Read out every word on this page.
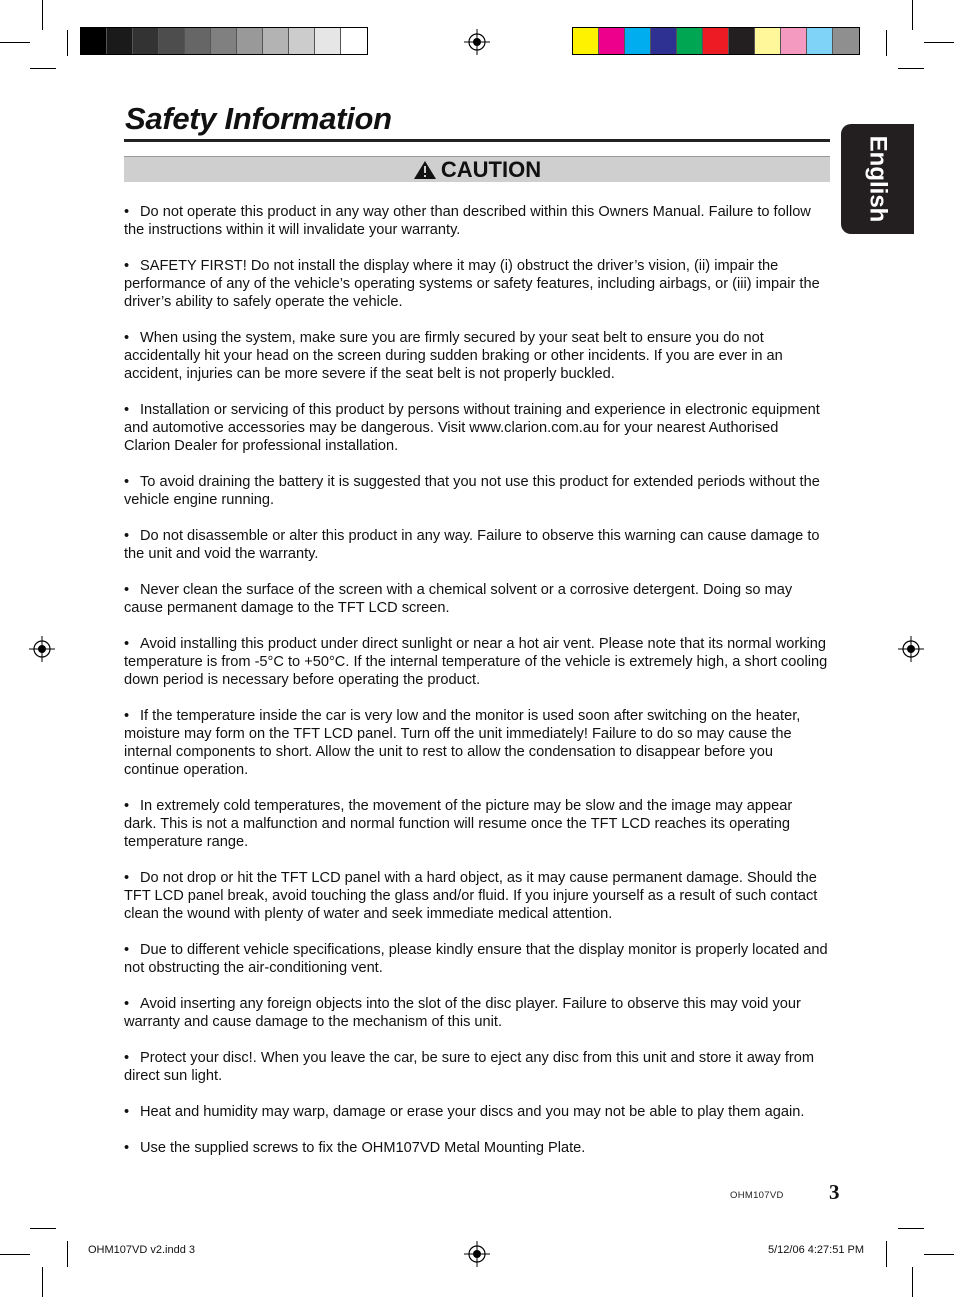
Safety Information
CAUTION	English
• Do not operate this product in any way other than described within this Owners Manual. Failure to follow the instructions within it will invalidate your warranty.
• SAFETY FIRST! Do not install the display where it may (i) obstruct the driver’s vision, (ii) impair the performance of any of the vehicle’s operating systems or safety features, including airbags, or (iii) impair the driver’s ability to safely operate the vehicle.
• When using the system, make sure you are firmly secured by your seat belt to ensure you do not accidentally hit your head on the screen during sudden braking or other incidents. If you are ever in an accident, injuries can be more severe if the seat belt is not properly buckled.
• Installation or servicing of this product by persons without training and experience in electronic equipment and automotive accessories may be dangerous. Visit www.clarion.com.au for your nearest Authorised Clarion Dealer for professional installation.
• To avoid draining the battery it is suggested that you not use this product for extended periods without the vehicle engine running.
• Do not disassemble or alter this product in any way. Failure to observe this warning can cause damage to the unit and void the warranty.
• Never clean the surface of the screen with a chemical solvent or a corrosive detergent. Doing so may cause permanent damage to the TFT LCD screen.
• Avoid installing this product under direct sunlight or near a hot air vent. Please note that its normal working temperature is from -5°C to +50°C. If the internal temperature of the vehicle is extremely high, a short cooling down period is necessary before operating the product.
• If the temperature inside the car is very low and the monitor is used soon after switching on the heater, moisture may form on the TFT LCD panel. Turn off the unit immediately! Failure to do so may cause the internal components to short. Allow the unit to rest to allow the condensation to disappear before you continue operation.
• In extremely cold temperatures, the movement of the picture may be slow and the image may appear dark. This is not a malfunction and normal function will resume once the TFT LCD reaches its operating temperature range.
• Do not drop or hit the TFT LCD panel with a hard object, as it may cause permanent damage. Should the TFT LCD panel break, avoid touching the glass and/or fluid. If you injure yourself as a result of such contact clean the wound with plenty of water and seek immediate medical attention.
• Due to different vehicle specifications, please kindly ensure that the display monitor is properly located and not obstructing the air-conditioning vent.
• Avoid inserting any foreign objects into the slot of the disc player. Failure to observe this may void your warranty and cause damage to the mechanism of this unit.
• Protect your disc!. When you leave the car, be sure to eject any disc from this unit and store it away from direct sun light.
• Heat and humidity may warp, damage or erase your discs and you may not be able to play them again.
• Use the supplied screws to fix the OHM107VD Metal Mounting Plate.
OHM107VD 3
OHM107VD v2.indd 3	5/12/06 4:27:51 PM
